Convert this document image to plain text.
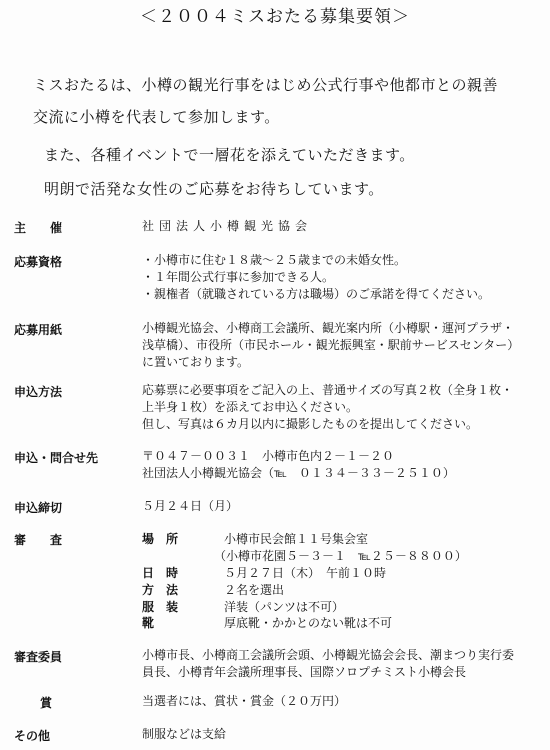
＜２００４ミスおたる募集要領＞
ミスおたるは、小樽の観光行事をはじめ公式行事や他都市との親善
交流に小樽を代表して参加します。
また、各種イベントで一層花を添えていただきます。
明朗で活発な女性のご応募をお待ちしています。
主　　催	社団法人小樽観光協会
応募資格	・小樽市に住む１８歳～２５歳までの未婚女性。
・１年間公式行事に参加できる人。
・親権者（就職されている方は職場）のご承諾を得てください。
応募用紙	小樽観光協会、小樽商工会議所、観光案内所（小樽駅・運河プラザ・
浅草橋）、市役所（市民ホール・観光振興室・駅前サービスセンター）
に置いております。
申込方法	応募票に必要事項をご記入の上、普通サイズの写真２枚（全身１枚・
上半身１枚）を添えてお申込ください。
但し、写真は６カ月以内に撮影したものを提出してください。
申込・問合せ先	〒０４７－００３１　小樽市色内２－１－２０
社団法人小樽観光協会（℡　０１３４－３３－２５１０）
申込締切	５月２４日（月）
審　　査	場　所	小樽市民会館１１号集会室
（小樽市花園５－３－１　℡２５－８８００）
日　時	５月２７日（木）　午前１０時
方　法	２名を選出
服　装	洋装（パンツは不可）
靴	厚底靴・かかとのない靴は不可
審査委員	小樽市長、小樽商工会議所会頭、小樽観光協会会長、潮まつり実行委
員長、小樽青年会議所理事長、国際ソロプチミスト小樽会長
賞	当選者には、賞状・賞金（２０万円）
その他	制服などは支給
